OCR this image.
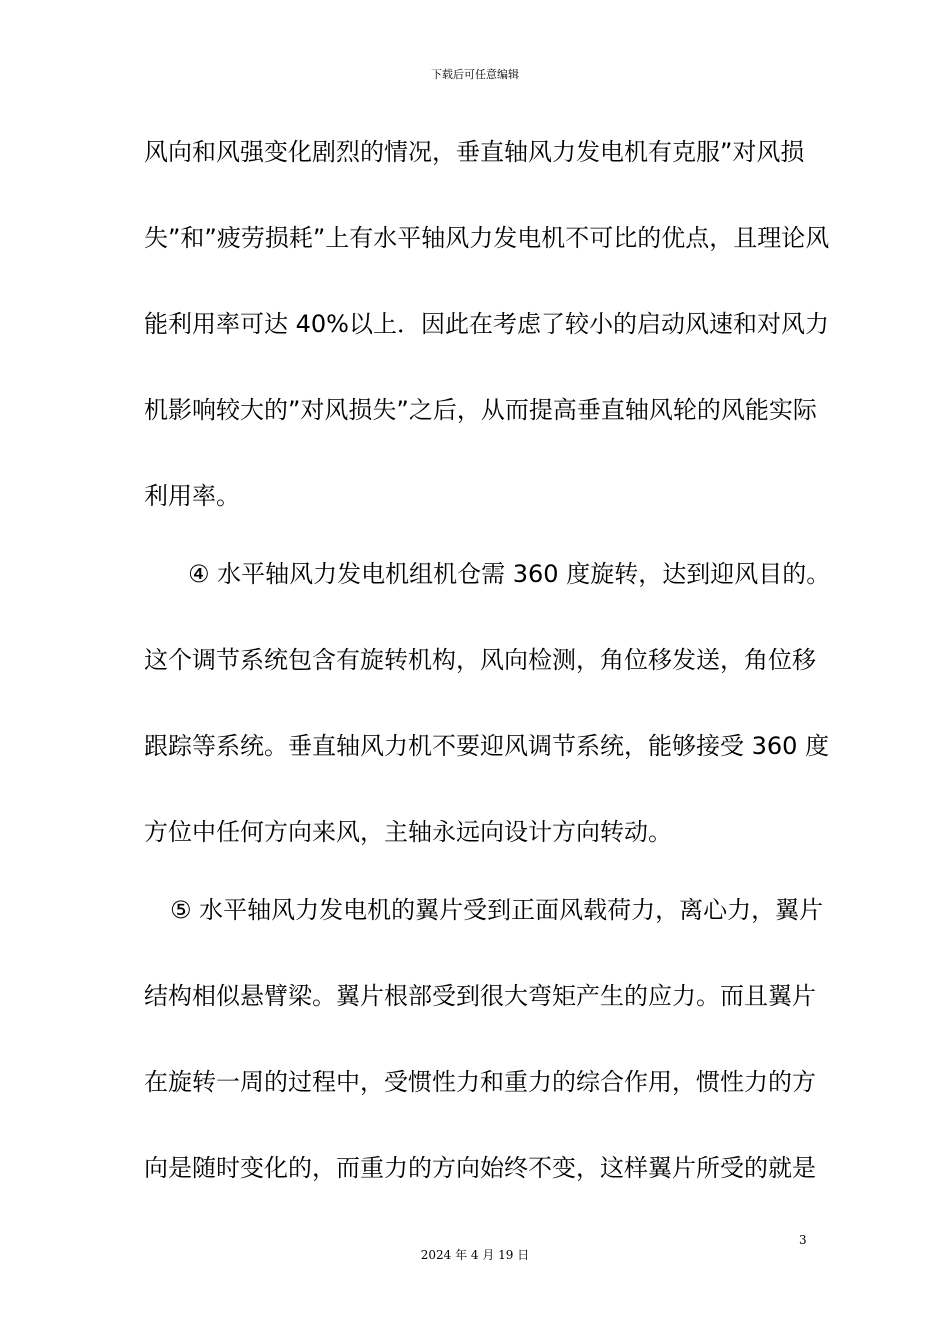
下载后可任意编辑
风向和风强变化剧烈的情况，垂直轴风力发电机有克服”对风损
失”和”疲劳损耗”上有水平轴风力发电机不可比的优点，且理论风
能利用率可达 40%以上．因此在考虑了较小的启动风速和对风力
机影响较大的”对风损失”之后，从而提高垂直轴风轮的风能实际
利用率。
④ 水平轴风力发电机组机仓需 360 度旋转，达到迎风目的。
这个调节系统包含有旋转机构，风向检测，角位移发送，角位移
跟踪等系统。垂直轴风力机不要迎风调节系统，能够接受 360 度
方位中任何方向来风，主轴永远向设计方向转动。
⑤ 水平轴风力发电机的翼片受到正面风载荷力，离心力，翼片
结构相似悬臂梁。翼片根部受到很大弯矩产生的应力。而且翼片
在旋转一周的过程中，受惯性力和重力的综合作用，惯性力的方
向是随时变化的，而重力的方向始终不变，这样翼片所受的就是
3
2024 年 4 月 19 日
